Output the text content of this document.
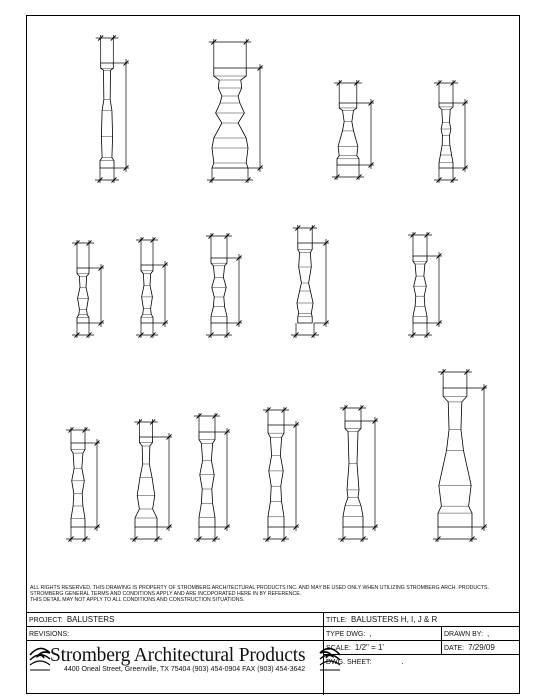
ALL RIGHTS RESERVED. THIS DRAWING IS PROPERTY OF STROMBERG ARCHITECTURAL PRODUCTS INC. AND MAY BE USED ONLY WHEN UTILIZING STROMBERG ARCH. PRODUCTS.
STROMBERG GENERAL TERMS AND CONDITIONS APPLY AND ARE INCOPORATED HERE IN BY REFERENCE.
THIS DETAIL MAY NOT APPLY TO ALL CONDITIONS AND CONSTRUCTION SITUATIONS.
PROJECT: BALUSTERS
REVISIONS:
TITLE: BALUSTERS H, I, J & R
TYPE DWG: ,	DRAWN BY: ,
SCALE: 1/2" = 1'	DATE: 7/29/09
DWG. SHEET:	.
Stromberg Architectural Products
4400 Oneal Street, Greenville, TX 75404 (903) 454-0904 FAX (903) 454-3642
